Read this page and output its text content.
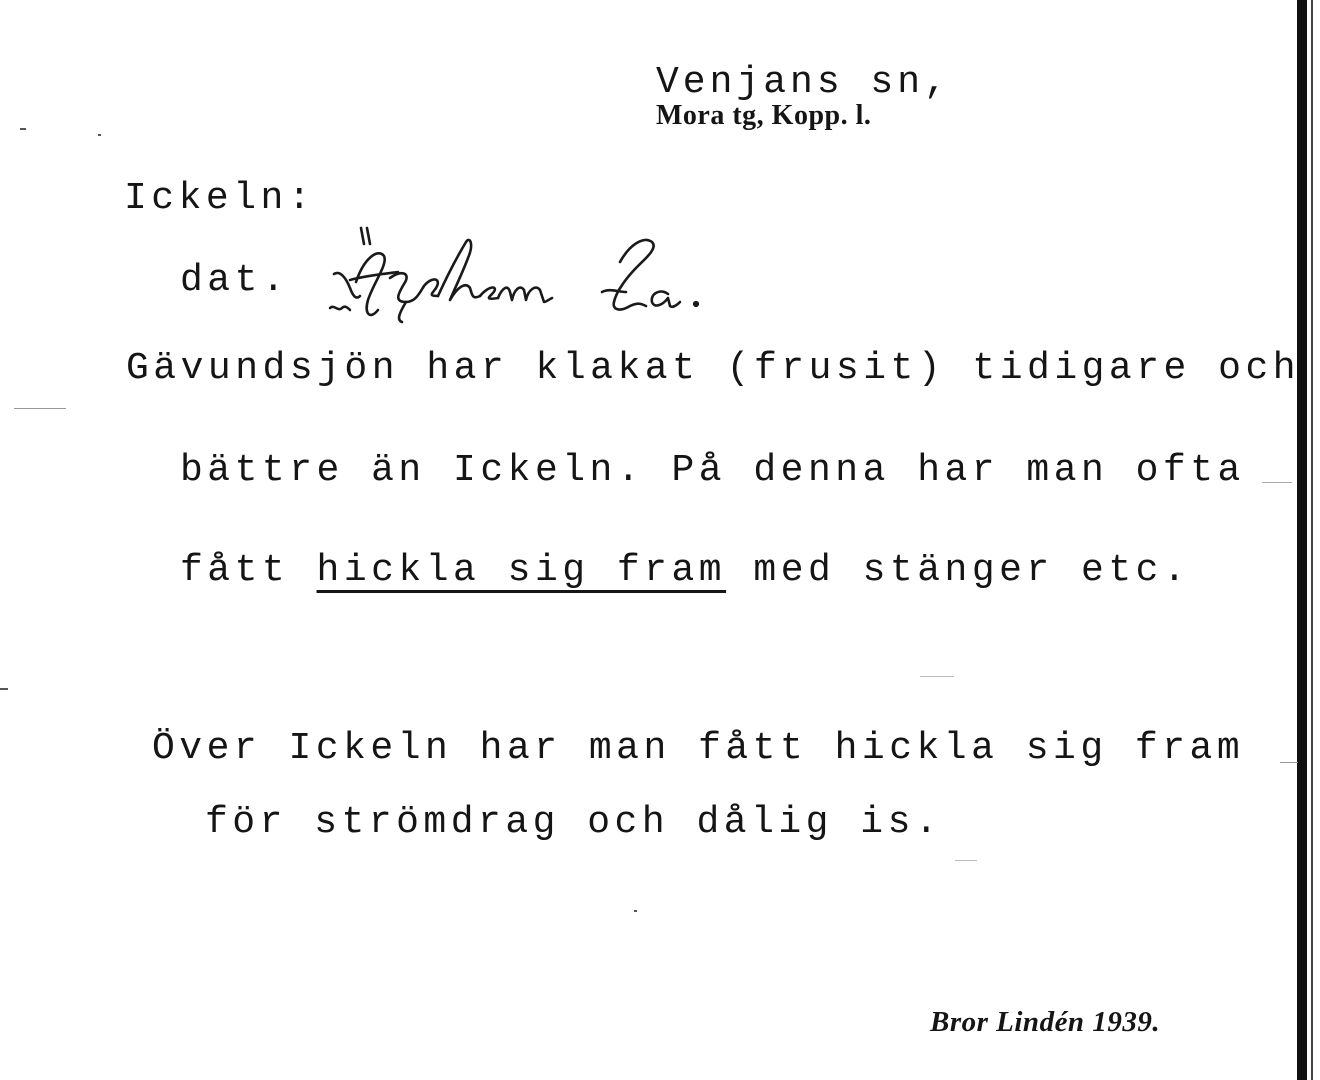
Venjans sn,
Mora tg, Kopp. l.

Ickeln:
dat.
Gävundsjön har klakat (frusit) tidigare och
bättre än Ickeln. På denna har man ofta
fått hickla sig fram med stänger etc.
Över Ickeln har man fått hickla sig fram
för strömdrag och dålig is.
Bror Lindén 1939.
